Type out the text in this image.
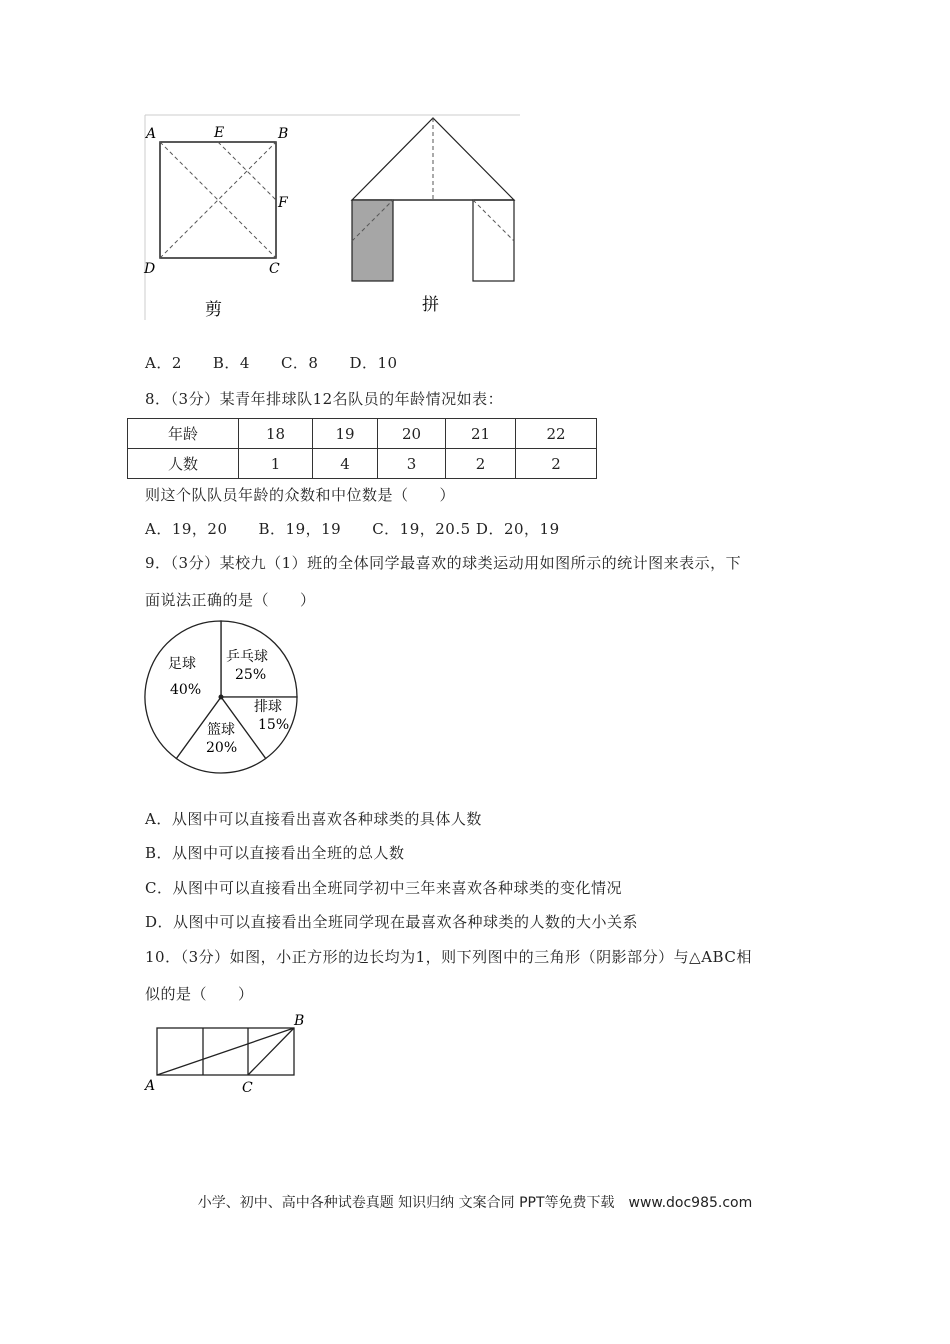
A	E	B
F
D	C
剪	拼
A．2　　B．4　　C．8　　D．10
8．（3分）某青年排球队12名队员的年龄情况如表：
年龄	18	19	20	21	22
人数	1	4	3	2	2
则这个队队员年龄的众数和中位数是（　　）
A．19，20　　B．19，19　　C．19，20.5 D．20，19
9．（3分）某校九（1）班的全体同学最喜欢的球类运动用如图所示的统计图来表示，下
面说法正确的是（　　）
足球
40%
乒乓球
25%
排球
15%
篮球
20%
A．从图中可以直接看出喜欢各种球类的具体人数
B．从图中可以直接看出全班的总人数
C．从图中可以直接看出全班同学初中三年来喜欢各种球类的变化情况
D．从图中可以直接看出全班同学现在最喜欢各种球类的人数的大小关系
10．（3分）如图，小正方形的边长均为1，则下列图中的三角形（阴影部分）与△ABC相
似的是（　　）
A
B
C
小学、初中、高中各种试卷真题 知识归纳 文案合同 PPT等免费下载　www.doc985.com
